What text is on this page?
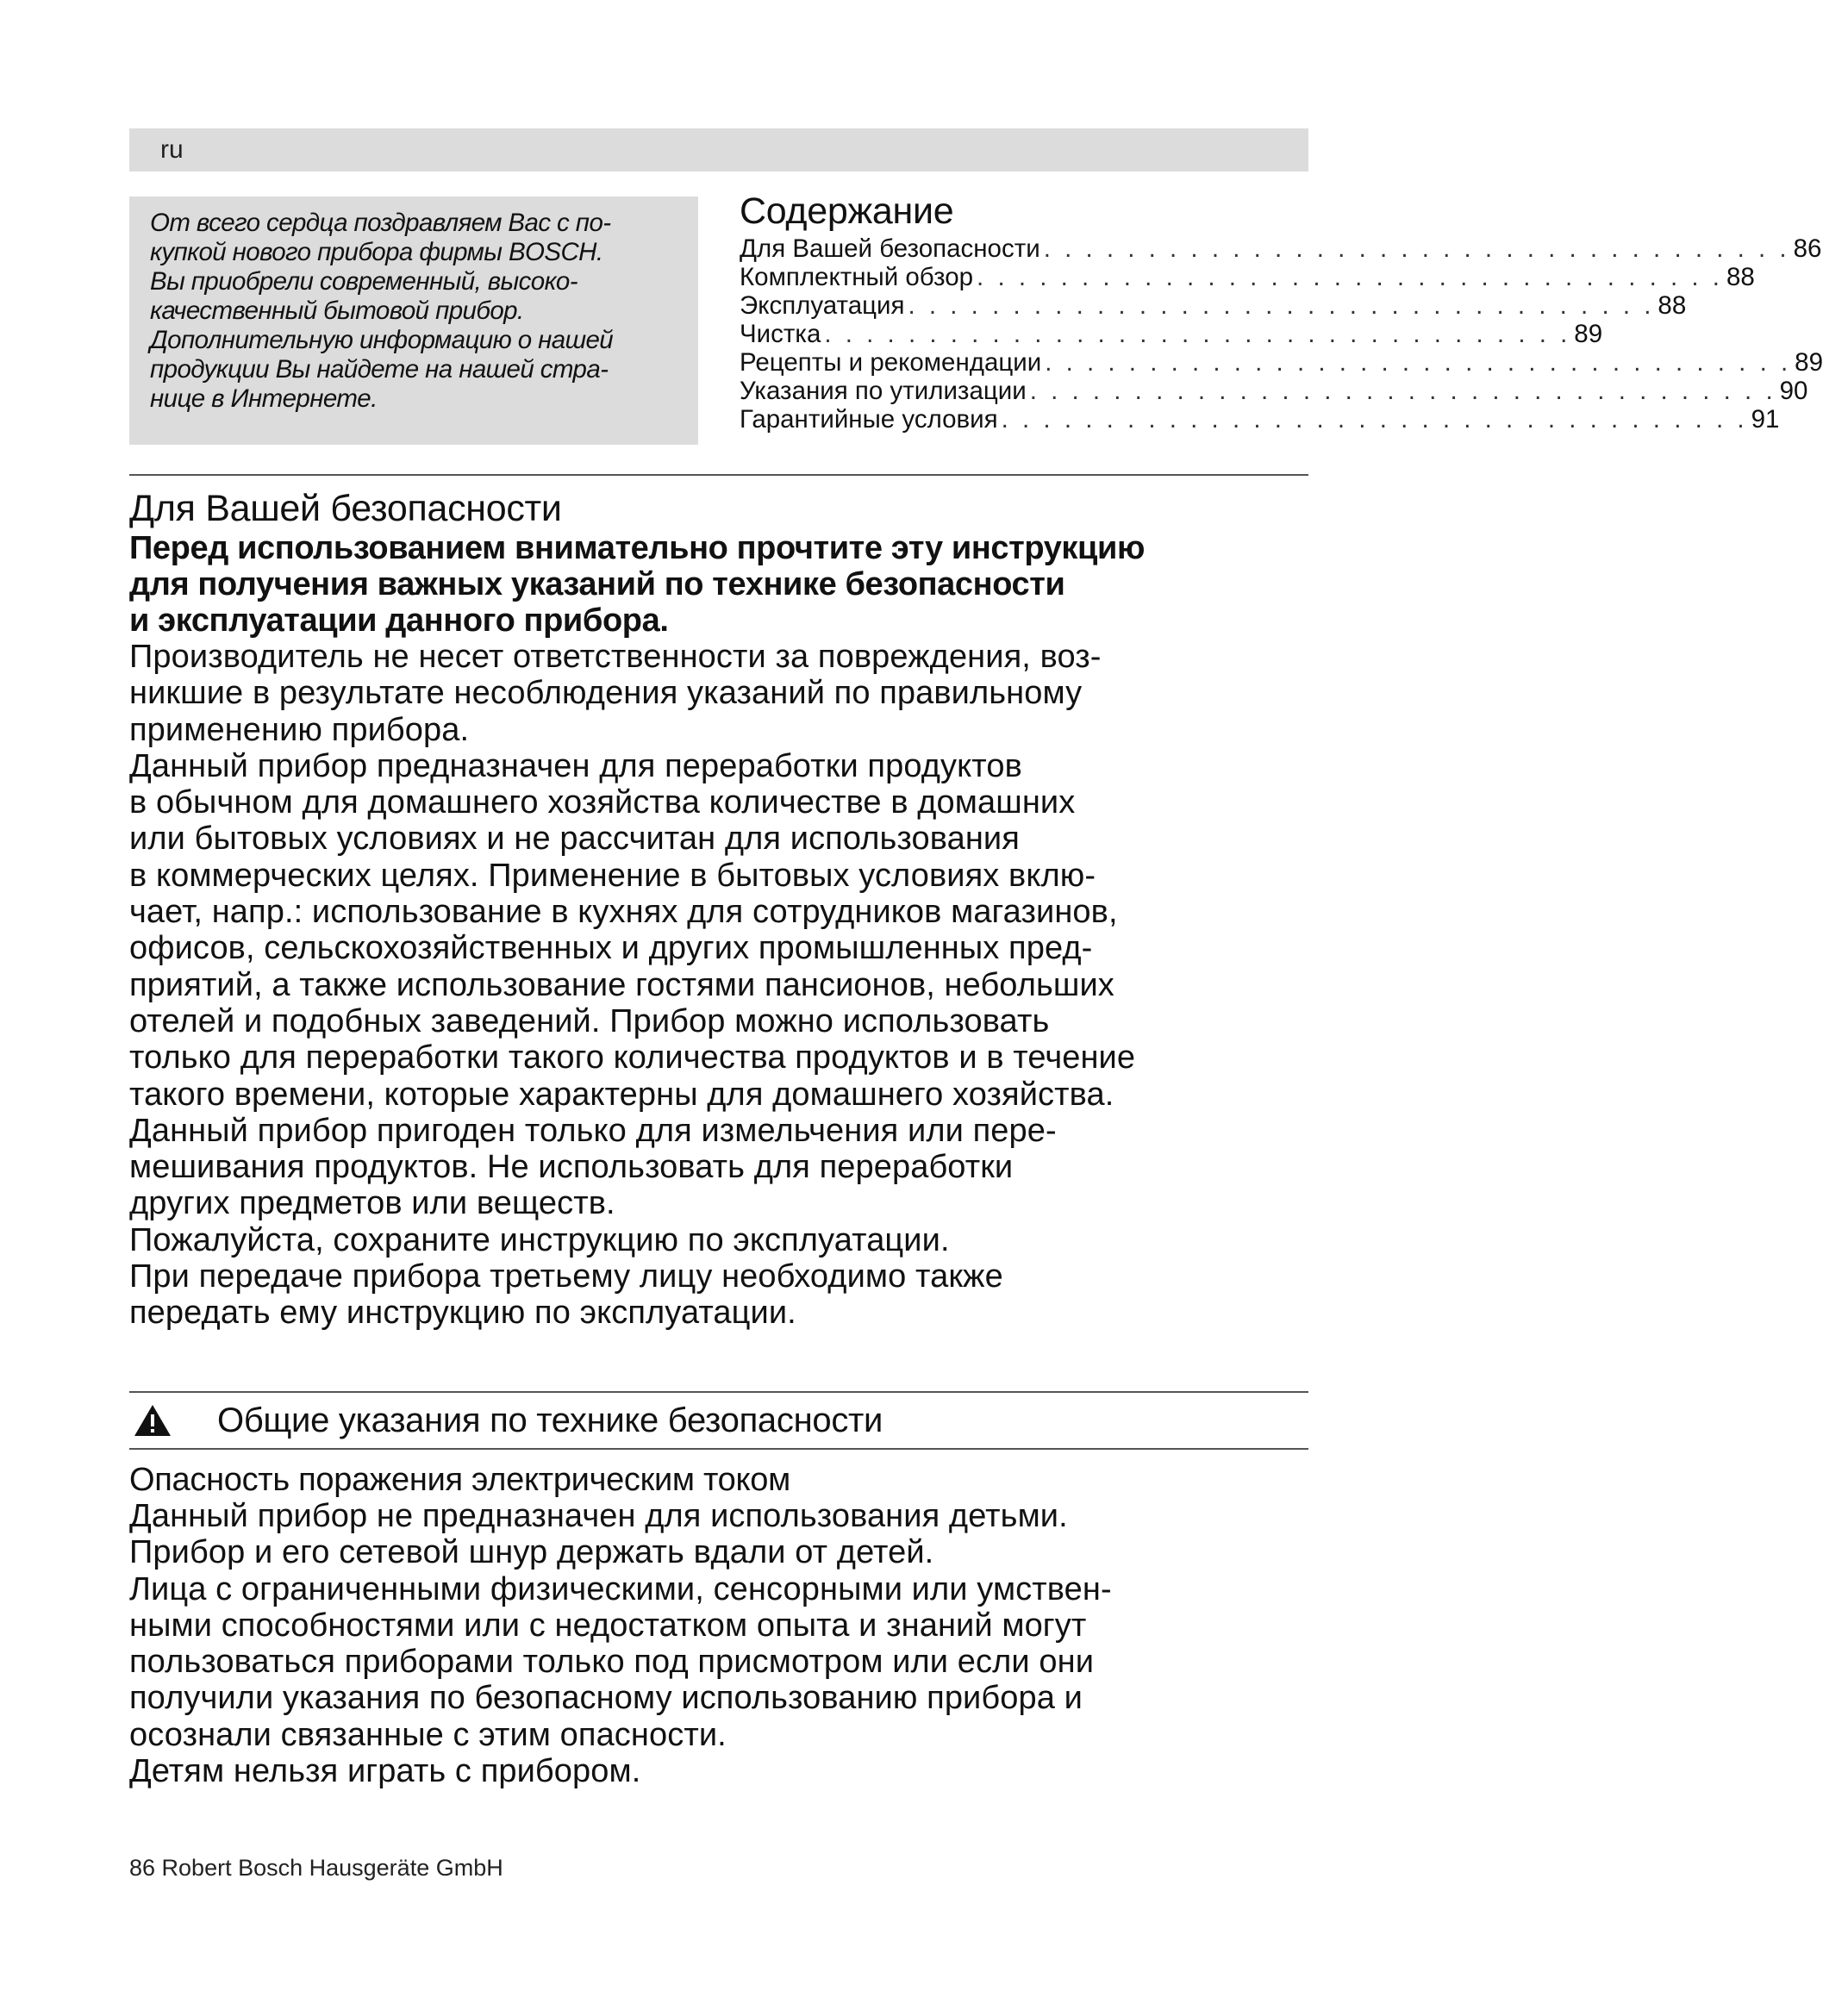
ru
От всего сердца поздравляем Вас с по-
купкой нового прибора фирмы BOSCH.
Вы приобрели современный, высоко-
качественный бытовой прибор.
Дополнительную информацию о нашей
продукции Вы найдете на нашей стра-
нице в Интернете.
Содержание
Для Вашей безопасности . . . . . . . . . . . . . . . . . . . . . . . . . . . . . . . . . . . . 86
Комплектный обзор . . . . . . . . . . . . . . . . . . . . . . . . . . . . . . . . . . . . 88
Эксплуатация . . . . . . . . . . . . . . . . . . . . . . . . . . . . . . . . . . . . 88
Чистка . . . . . . . . . . . . . . . . . . . . . . . . . . . . . . . . . . . . 89
Рецепты и рекомендации . . . . . . . . . . . . . . . . . . . . . . . . . . . . . . . . . . . . 89
Указания по утилизации . . . . . . . . . . . . . . . . . . . . . . . . . . . . . . . . . . . . 90
Гарантийные условия . . . . . . . . . . . . . . . . . . . . . . . . . . . . . . . . . . . . 91
Для Вашей безопасности
Перед использованием внимательно прочтите эту инструкцию
для получения важных указаний по технике безопасности
и эксплуатации данного прибора.
Производитель не несет ответственности за повреждения, воз-
никшие в результате несоблюдения указаний по правильному
применению прибора.
Данный прибор предназначен для переработки продуктов
в обычном для домашнего хозяйства количестве в домашних
или бытовых условиях и не рассчитан для использования
в коммерческих целях. Применение в бытовых условиях вклю-
чает, напр.: использование в кухнях для сотрудников магазинов,
офисов, сельскохозяйственных и других промышленных пред-
приятий, а также использование гостями пансионов, небольших
отелей и подобных заведений. Прибор можно использовать
только для переработки такого количества продуктов и в течение
такого времени, которые характерны для домашнего хозяйства.
Данный прибор пригоден только для измельчения или пере-
мешивания продуктов. Не использовать для переработки
других предметов или веществ.
Пожалуйста, сохраните инструкцию по эксплуатации.
При передаче прибора третьему лицу необходимо также
передать ему инструкцию по эксплуатации.
Общие указания по технике безопасности
Опасность поражения электрическим током
Данный прибор не предназначен для использования детьми.
Прибор и его сетевой шнур держать вдали от детей.
Лица с ограниченными физическими, сенсорными или умствен-
ными способностями или с недостатком опыта и знаний могут
пользоваться приборами только под присмотром или если они
получили указания по безопасному использованию прибора и
осознали связанные с этим опасности.
Детям нельзя играть с прибором.
86 Robert Bosch Hausgeräte GmbH
